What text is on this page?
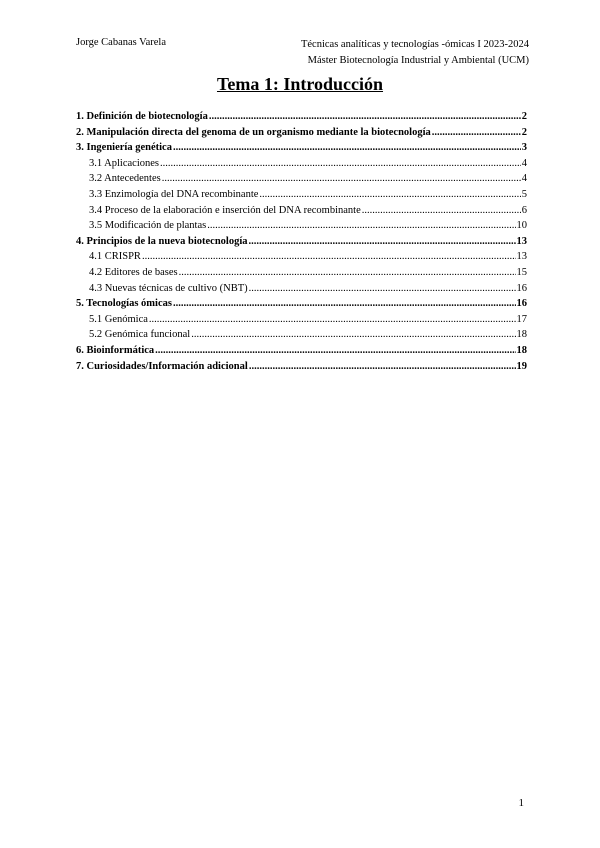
Jorge Cabanas Varela	Técnicas analíticas y tecnologías -ómicas I 2023-2024
Máster Biotecnología Industrial y Ambiental (UCM)
Tema 1: Introducción
1. Definición de biotecnología .....	2
2. Manipulación directa del genoma de un organismo mediante la biotecnología .....	2
3. Ingeniería genética .....	3
3.1 Aplicaciones .....	4
3.2 Antecedentes .....	4
3.3 Enzimología del DNA recombinante .....	5
3.4 Proceso de la elaboración e inserción del DNA recombinante .....	6
3.5 Modificación de plantas .....	10
4. Principios de la nueva biotecnología .....	13
4.1 CRISPR .....	13
4.2 Editores de bases .....	15
4.3 Nuevas técnicas de cultivo (NBT) .....	16
5. Tecnologías ómicas .....	16
5.1 Genómica .....	17
5.2 Genómica funcional .....	18
6. Bioinformática .....	18
7. Curiosidades/Información adicional .....	19
1
